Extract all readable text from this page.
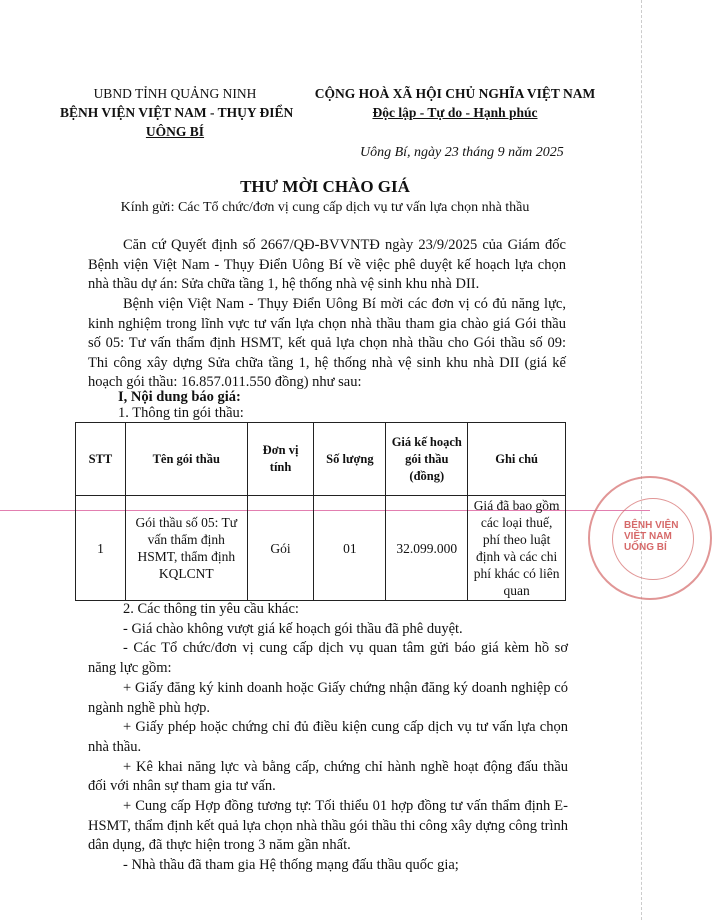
UBND TỈNH QUẢNG NINH
BỆNH VIỆN VIỆT NAM - THỤY ĐIỂN
UÔNG BÍ
CỘNG HOÀ XÃ HỘI CHỦ NGHĨA VIỆT NAM
Độc lập - Tự do - Hạnh phúc
Uông Bí, ngày 23 tháng 9 năm 2025
THƯ MỜI CHÀO GIÁ
Kính gửi: Các Tổ chức/đơn vị cung cấp dịch vụ tư vấn lựa chọn nhà thầu
Căn cứ Quyết định số 2667/QĐ-BVVNTĐ ngày 23/9/2025 của Giám đốc Bệnh viện Việt Nam - Thụy Điển Uông Bí về việc phê duyệt kế hoạch lựa chọn nhà thầu dự án: Sửa chữa tầng 1, hệ thống nhà vệ sinh khu nhà DII.
Bệnh viện Việt Nam - Thụy Điển Uông Bí mời các đơn vị có đủ năng lực, kinh nghiệm trong lĩnh vực tư vấn lựa chọn nhà thầu tham gia chào giá Gói thầu số 05: Tư vấn thẩm định HSMT, kết quả lựa chọn nhà thầu cho Gói thầu số 09: Thi công xây dựng Sửa chữa tầng 1, hệ thống nhà vệ sinh khu nhà DII (giá kế hoạch gói thầu: 16.857.011.550 đồng) như sau:
I, Nội dung báo giá:
1. Thông tin gói thầu:
STT	Tên gói thầu	Đơn vị tính	Số lượng	Giá kế hoạch gói thầu (đồng)	Ghi chú
1	Gói thầu số 05: Tư vấn thẩm định HSMT, thẩm định KQLCNT	Gói	01	32.099.000	Giá đã bao gồm các loại thuế, phí theo luật định và các chi phí khác có liên quan
2. Các thông tin yêu cầu khác:
- Giá chào không vượt giá kế hoạch gói thầu đã phê duyệt.
- Các Tổ chức/đơn vị cung cấp dịch vụ quan tâm gửi báo giá kèm hồ sơ năng lực gồm:
+ Giấy đăng ký kinh doanh hoặc Giấy chứng nhận đăng ký doanh nghiệp có ngành nghề phù hợp.
+ Giấy phép hoặc chứng chỉ đủ điều kiện cung cấp dịch vụ tư vấn lựa chọn nhà thầu.
+ Kê khai năng lực và bằng cấp, chứng chỉ hành nghề hoạt động đấu thầu đối với nhân sự tham gia tư vấn.
+ Cung cấp Hợp đồng tương tự: Tối thiểu 01 hợp đồng tư vấn thẩm định E-HSMT, thẩm định kết quả lựa chọn nhà thầu gói thầu thi công xây dựng công trình dân dụng, đã thực hiện trong 3 năm gần nhất.
- Nhà thầu đã tham gia Hệ thống mạng đấu thầu quốc gia;
BỆNH VIỆN VIỆT NAM UÔNG BÍ
